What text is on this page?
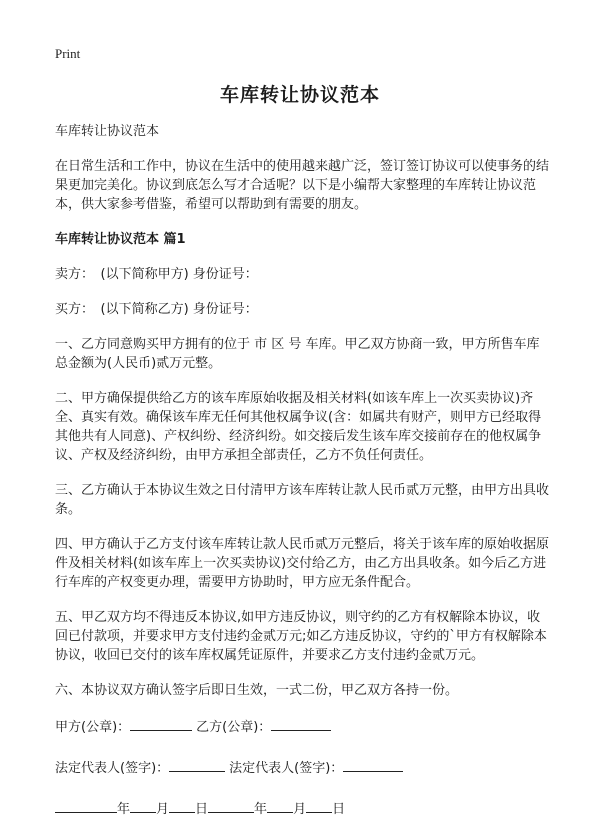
Print
车库转让协议范本

车库转让协议范本

在日常生活和工作中，协议在生活中的使用越来越广泛，签订签订协议可以使事务的结果更加完美化。协议到底怎么写才合适呢？以下是小编帮大家整理的车库转让协议范本，供大家参考借鉴，希望可以帮助到有需要的朋友。

车库转让协议范本 篇1

卖方：　(以下简称甲方) 身份证号：

买方：　(以下简称乙方) 身份证号：

一、乙方同意购买甲方拥有的位于 市 区 号 车库。甲乙双方协商一致，甲方所售车库总金额为(人民币)贰万元整。

二、甲方确保提供给乙方的该车库原始收据及相关材料(如该车库上一次买卖协议)齐全、真实有效。确保该车库无任何其他权属争议(含：如属共有财产，则甲方已经取得其他共有人同意)、产权纠纷、经济纠纷。如交接后发生该车库交接前存在的他权属争议、产权及经济纠纷，由甲方承担全部责任，乙方不负任何责任。

三、乙方确认于本协议生效之日付清甲方该车库转让款人民币贰万元整，由甲方出具收条。

四、甲方确认于乙方支付该车库转让款人民币贰万元整后，将关于该车库的原始收据原件及相关材料(如该车库上一次买卖协议)交付给乙方，由乙方出具收条。如今后乙方进行车库的产权变更办理，需要甲方协助时，甲方应无条件配合。

五、甲乙双方均不得违反本协议,如甲方违反协议，则守约的乙方有权解除本协议，收回已付款项，并要求甲方支付违约金贰万元;如乙方违反协议，守约的`甲方有权解除本协议，收回已交付的该车库权属凭证原件，并要求乙方支付违约金贰万元。

六、本协议双方确认签字后即日生效，一式二份，甲乙双方各持一份。

甲方(公章)：	乙方(公章)：
法定代表人(签字)：	法定代表人(签字)：
年 月 日	年 月 日
